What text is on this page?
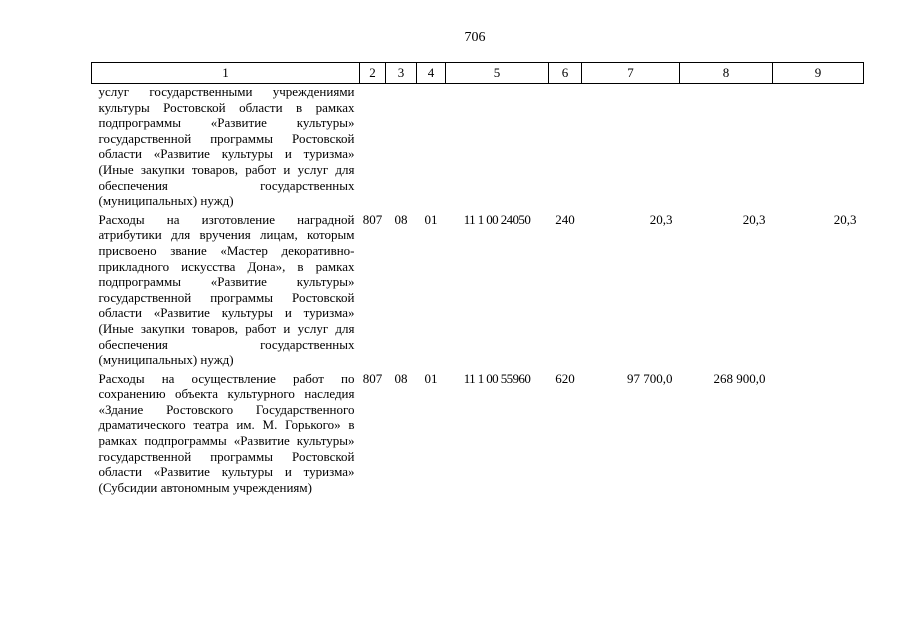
706
1	2	3	4	5	6	7	8	9
услуг государственными учреждениями культуры Ростовской области в рамках подпрограммы «Развитие культуры» государственной программы Ростовской области «Развитие культуры и туризма» (Иные закупки товаров, работ и услуг для обеспечения государственных (муниципальных) нужд)								
Расходы на изготовление наградной атрибутики для вручения лицам, которым присвоено звание «Мастер декоративно-прикладного искусства Дона», в рамках подпрограммы «Развитие культуры» государственной программы Ростовской области «Развитие культуры и туризма» (Иные закупки товаров, работ и услуг для обеспечения государственных (муниципальных) нужд)	807	08	01	11 1 00 24050	240	20,3	20,3	20,3
Расходы на осуществление работ по сохранению объекта культурного наследия «Здание Ростовского Государственного драматического театра им. М. Горького» в рамках подпрограммы «Развитие культуры» государственной программы Ростовской области «Развитие культуры и туризма» (Субсидии автономным учреждениям)	807	08	01	11 1 00 55960	620	97 700,0	268 900,0	
